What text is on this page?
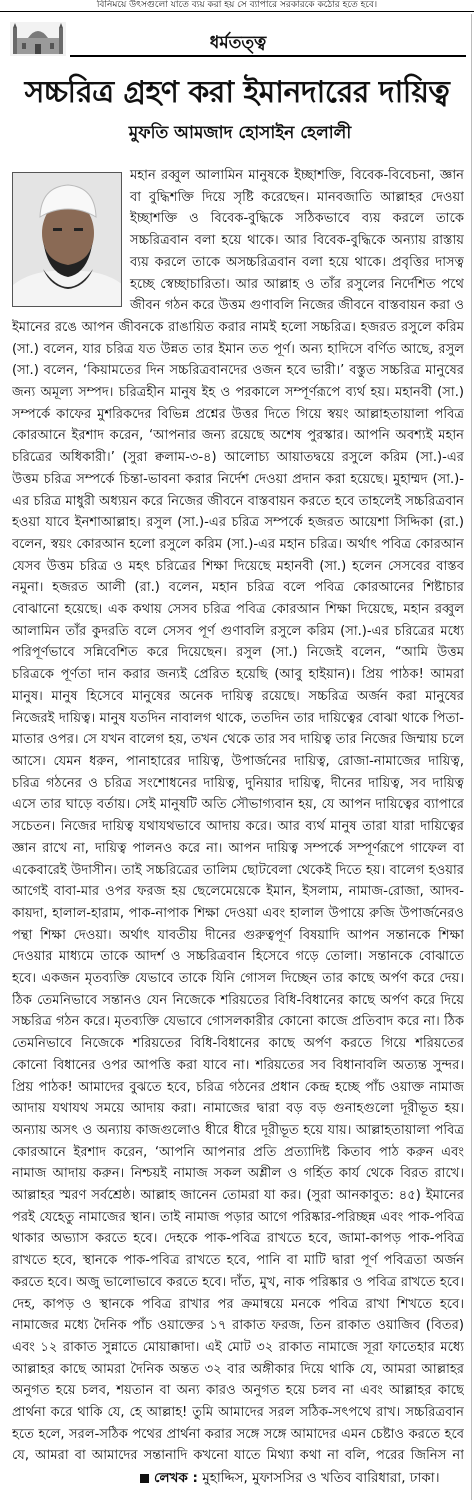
বিনিময়ে উৎসগুলো যাতে ব্যয় করা হয় সে ব্যাপারে সরকারকে কঠোর হতে হবে।
ধর্মতত্ত্ব
সচ্চরিত্র গ্রহণ করা ইমানদারের দায়িত্ব
মুফতি আমজাদ হোসাইন হেলালী
মহান রব্বুল আলামিন মানুষকে ইচ্ছাশক্তি, বিবেক-বিবেচনা, জ্ঞান বা বুদ্ধিশক্তি দিয়ে সৃষ্টি করেছেন। মানবজাতি আল্লাহর দেওয়া ইচ্ছাশক্তি ও বিবেক-বুদ্ধিকে সঠিকভাবে ব্যয় করলে তাকে সচ্চরিত্রবান বলা হয়ে থাকে। আর বিবেক-বুদ্ধিকে অন্যায় রাস্তায় ব্যয় করলে তাকে অসচ্চরিত্রবান বলা হয়ে থাকে। প্রবৃত্তির দাসত্ব হচ্ছে স্বেচ্ছাচারিতা। আর আল্লাহ ও তাঁর রসুলের নির্দেশিত পথে জীবন গঠন করে উত্তম গুণাবলি নিজের জীবনে বাস্তবায়ন করা ও ইমানের রঙে আপন জীবনকে রাঙায়িত করার নামই হলো সচ্চরিত্র। হজরত রসুলে করিম (সা.) বলেন, যার চরিত্র যত উন্নত তার ইমান তত পূর্ণ। অন্য হাদিসে বর্ণিত আছে, রসুল (সা.) বলেন, ‘কিয়ামতের দিন সচ্চরিত্রবানদের ওজন হবে ভারী।’ বস্তুত সচ্চরিত্র মানুষের জন্য অমূল্য সম্পদ। চরিত্রহীন মানুষ ইহ ও পরকালে সম্পূর্ণরূপে ব্যর্থ হয়। মহানবী (সা.) সম্পর্কে কাফের মুশরিকদের বিভিন্ন প্রশ্নের উত্তর দিতে গিয়ে স্বয়ং আল্লাহতায়ালা পবিত্র কোরআনে ইরশাদ করেন, ‘আপনার জন্য রয়েছে অশেষ পুরস্কার। আপনি অবশ্যই মহান চরিত্রের অধিকারী।’ (সুরা ক্বলাম-৩-৪) আলোচ্য আয়াতদ্বয়ে রসুলে করিম (সা.)-এর উত্তম চরিত্র সম্পর্কে চিন্তা-ভাবনা করার নির্দেশ দেওয়া প্রদান করা হয়েছে। মুহাম্মদ (সা.)-এর চরিত্র মাধুরী অধ্যয়ন করে নিজের জীবনে বাস্তবায়ন করতে হবে তাহলেই সচ্চরিত্রবান হওয়া যাবে ইনশাআল্লাহ। রসুল (সা.)-এর চরিত্র সম্পর্কে হজরত আয়েশা সিদ্দিকা (রা.) বলেন, স্বয়ং কোরআন হলো রসুলে করিম (সা.)-এর মহান চরিত্র। অর্থাৎ পবিত্র কোরআন যেসব উত্তম চরিত্র ও মহৎ চরিত্রের শিক্ষা দিয়েছে মহানবী (সা.) হলেন সেসবের বাস্তব নমুনা। হজরত আলী (রা.) বলেন, মহান চরিত্র বলে পবিত্র কোরআনের শিষ্টাচার বোঝানো হয়েছে। এক কথায় সেসব চরিত্র পবিত্র কোরআন শিক্ষা দিয়েছে, মহান রব্বুল আলামিন তাঁর কুদরতি বলে সেসব পূর্ণ গুণাবলি রসুলে করিম (সা.)-এর চরিত্রের মধ্যে পরিপূর্ণভাবে সন্নিবেশিত করে দিয়েছেন। রসুল (সা.) নিজেই বলেন, “আমি উত্তম চরিত্রকে পূর্ণতা দান করার জন্যই প্রেরিত হয়েছি (আবু হাইয়ান)। প্রিয় পাঠক! আমরা মানুষ। মানুষ হিসেবে মানুষের অনেক দায়িত্ব রয়েছে। সচ্চরিত্র অর্জন করা মানুষের নিজেরই দায়িত্ব। মানুষ যতদিন নাবালগ থাকে, ততদিন তার দায়িত্বের বোঝা থাকে পিতা-মাতার ওপর। সে যখন বালেগ হয়, তখন থেকে তার সব দায়িত্ব তার নিজের জিম্মায় চলে আসে। যেমন ধরুন, পানাহারের দায়িত্ব, উপার্জনের দায়িত্ব, রোজা-নামাজের দায়িত্ব, চরিত্র গঠনের ও চরিত্র সংশোধনের দায়িত্ব, দুনিয়ার দায়িত্ব, দীনের দায়িত্ব, সব দায়িত্ব এসে তার ঘাড়ে বর্তায়। সেই মানুষটি অতি সৌভাগ্যবান হয়, যে আপন দায়িত্বের ব্যাপারে সচেতন। নিজের দায়িত্ব যথাযথভাবে আদায় করে। আর ব্যর্থ মানুষ তারা যারা দায়িত্বের জ্ঞান রাখে না, দায়িত্ব পালনও করে না। আপন দায়িত্ব সম্পর্কে সম্পূর্ণরূপে গাফেল বা একেবারেই উদাসীন। তাই সচ্চরিত্রের তালিম ছোটবেলা থেকেই দিতে হয়। বালেগ হওয়ার আগেই বাবা-মার ওপর ফরজ হয় ছেলেমেয়েকে ইমান, ইসলাম, নামাজ-রোজা, আদব-কায়দা, হালাল-হারাম, পাক-নাপাক শিক্ষা দেওয়া এবং হালাল উপায়ে রুজি উপার্জনেরও পন্থা শিক্ষা দেওয়া। অর্থাৎ যাবতীয় দীনের গুরুত্বপূর্ণ বিষয়াদি আপন সন্তানকে শিক্ষা দেওয়ার মাধ্যমে তাকে আদর্শ ও সচ্চরিত্রবান হিসেবে গড়ে তোলা। সন্তানকে বোঝাতে হবে। একজন মৃতব্যক্তি যেভাবে তাকে যিনি গোসল দিচ্ছেন তার কাছে অর্পণ করে দেয়। ঠিক তেমনিভাবে সন্তানও যেন নিজেকে শরিয়তের বিধি-বিধানের কাছে অর্পণ করে দিয়ে সচ্চরিত্র গঠন করে। মৃতব্যক্তি যেভাবে গোসলকারীর কোনো কাজে প্রতিবাদ করে না। ঠিক তেমনিভাবে নিজেকে শরিয়তের বিধি-বিধানের কাছে অর্পণ করতে গিয়ে শরিয়তের কোনো বিধানের ওপর আপত্তি করা যাবে না। শরিয়তের সব বিধানাবলি অত্যন্ত সুন্দর। প্রিয় পাঠক! আমাদের বুঝতে হবে, চরিত্র গঠনের প্রধান কেন্দ্র হচ্ছে পাঁচ ওয়াক্ত নামাজ আদায় যথাযথ সময়ে আদায় করা। নামাজের দ্বারা বড় বড় গুনাহগুলো দূরীভূত হয়। অন্যায় অসৎ ও অন্যায় কাজগুলোও ধীরে ধীরে দূরীভূত হয়ে যায়। আল্লাহতায়ালা পবিত্র কোরআনে ইরশাদ করেন, ‘আপনি আপনার প্রতি প্রত্যাদিষ্ট কিতাব পাঠ করুন এবং নামাজ আদায় করুন। নিশ্চয়ই নামাজ সকল অশ্লীল ও গর্হিত কার্য থেকে বিরত রাখে। আল্লাহর স্মরণ সর্বশ্রেষ্ঠ। আল্লাহ জানেন তোমরা যা কর। (সুরা আনকাবুত: ৪৫) ইমানের পরই যেহেতু নামাজের স্থান। তাই নামাজ পড়ার আগে পরিষ্কার-পরিচ্ছন্ন এবং পাক-পবিত্র থাকার অভ্যাস করতে হবে। দেহকে পাক-পবিত্র রাখতে হবে, জামা-কাপড় পাক-পবিত্র রাখতে হবে, স্থানকে পাক-পবিত্র রাখতে হবে, পানি বা মাটি দ্বারা পূর্ণ পবিত্রতা অর্জন করতে হবে। অজু ভালোভাবে করতে হবে। দাঁত, মুখ, নাক পরিষ্কার ও পবিত্র রাখতে হবে। দেহ, কাপড় ও স্থানকে পবিত্র রাখার পর ক্রমান্বয়ে মনকে পবিত্র রাখা শিখতে হবে। নামাজের মধ্যে দৈনিক পাঁচ ওয়াক্তের ১৭ রাকাত ফরজ, তিন রাকাত ওয়াজিব (বিতর) এবং ১২ রাকাত সুন্নাতে মোয়াক্কাদা। এই মোট ৩২ রাকাত নামাজে সূরা ফাতেহার মধ্যে আল্লাহর কাছে আমরা দৈনিক অন্তত ৩২ বার অঙ্গীকার দিয়ে থাকি যে, আমরা আল্লাহর অনুগত হয়ে চলব, শয়তান বা অন্য কারও অনুগত হয়ে চলব না এবং আল্লাহর কাছে প্রার্থনা করে থাকি যে, হে আল্লাহ! তুমি আমাদের সরল সঠিক-সৎপথে রাখ। সচ্চরিত্রবান হতে হলে, সরল-সঠিক পথের প্রার্থনা করার সঙ্গে সঙ্গে আমাদের এমন চেষ্টাও করতে হবে যে, আমরা বা আমাদের সন্তানাদি কখনো যাতে মিথ্যা কথা না বলি, পরের জিনিস না
লেখক : মুহাদ্দিস, মুফাসসির ও খতিব বারিধারা, ঢাকা।
